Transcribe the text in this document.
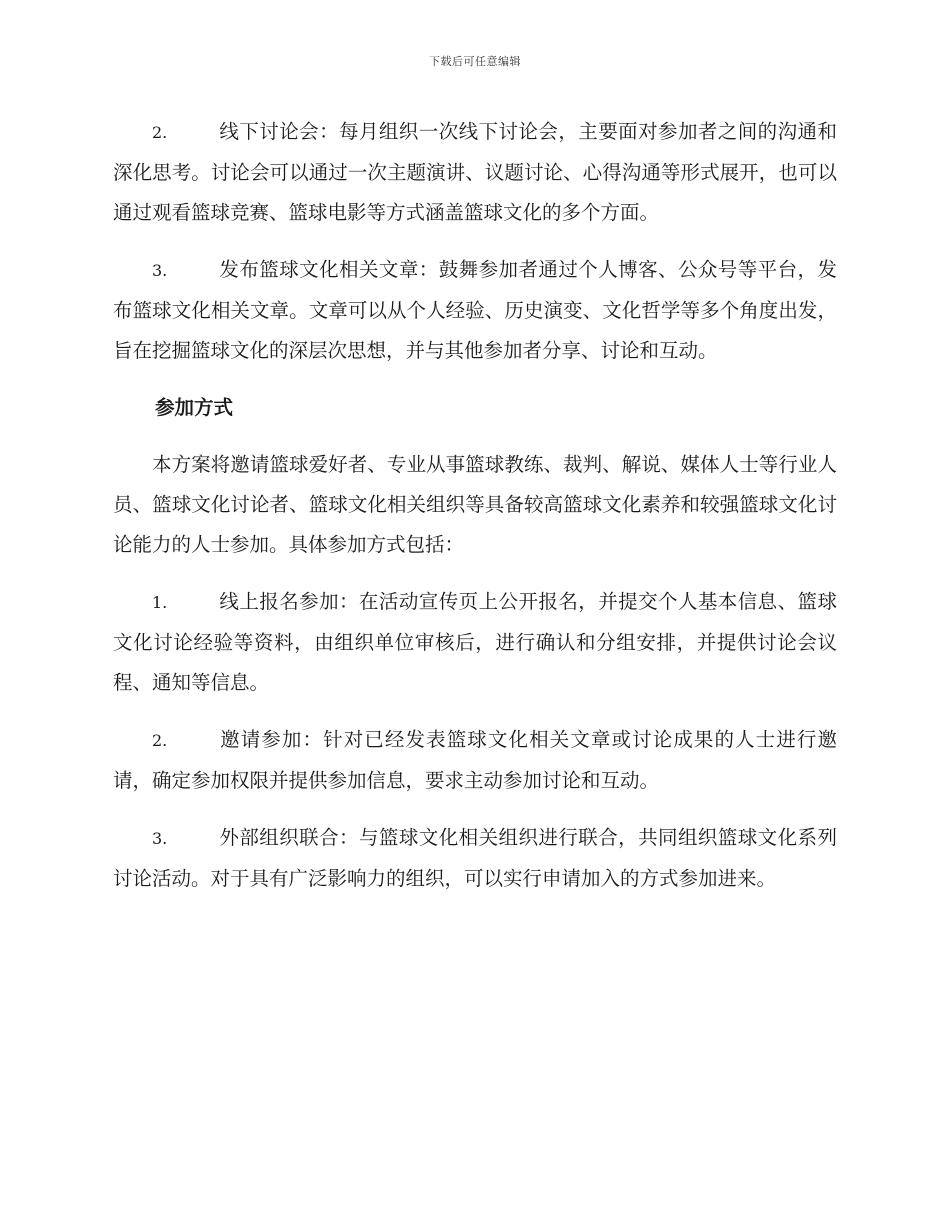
下载后可任意编辑

2.	线下讨论会：每月组织一次线下讨论会，主要面对参加者之间的沟通和深化思考。讨论会可以通过一次主题演讲、议题讨论、心得沟通等形式展开，也可以通过观看篮球竞赛、篮球电影等方式涵盖篮球文化的多个方面。

3.	发布篮球文化相关文章：鼓舞参加者通过个人博客、公众号等平台，发布篮球文化相关文章。文章可以从个人经验、历史演变、文化哲学等多个角度出发，旨在挖掘篮球文化的深层次思想，并与其他参加者分享、讨论和互动。

参加方式

本方案将邀请篮球爱好者、专业从事篮球教练、裁判、解说、媒体人士等行业人员、篮球文化讨论者、篮球文化相关组织等具备较高篮球文化素养和较强篮球文化讨论能力的人士参加。具体参加方式包括：

1.	线上报名参加：在活动宣传页上公开报名，并提交个人基本信息、篮球文化讨论经验等资料，由组织单位审核后，进行确认和分组安排，并提供讨论会议程、通知等信息。

2.	邀请参加：针对已经发表篮球文化相关文章或讨论成果的人士进行邀请，确定参加权限并提供参加信息，要求主动参加讨论和互动。

3.	外部组织联合：与篮球文化相关组织进行联合，共同组织篮球文化系列讨论活动。对于具有广泛影响力的组织，可以实行申请加入的方式参加进来。
